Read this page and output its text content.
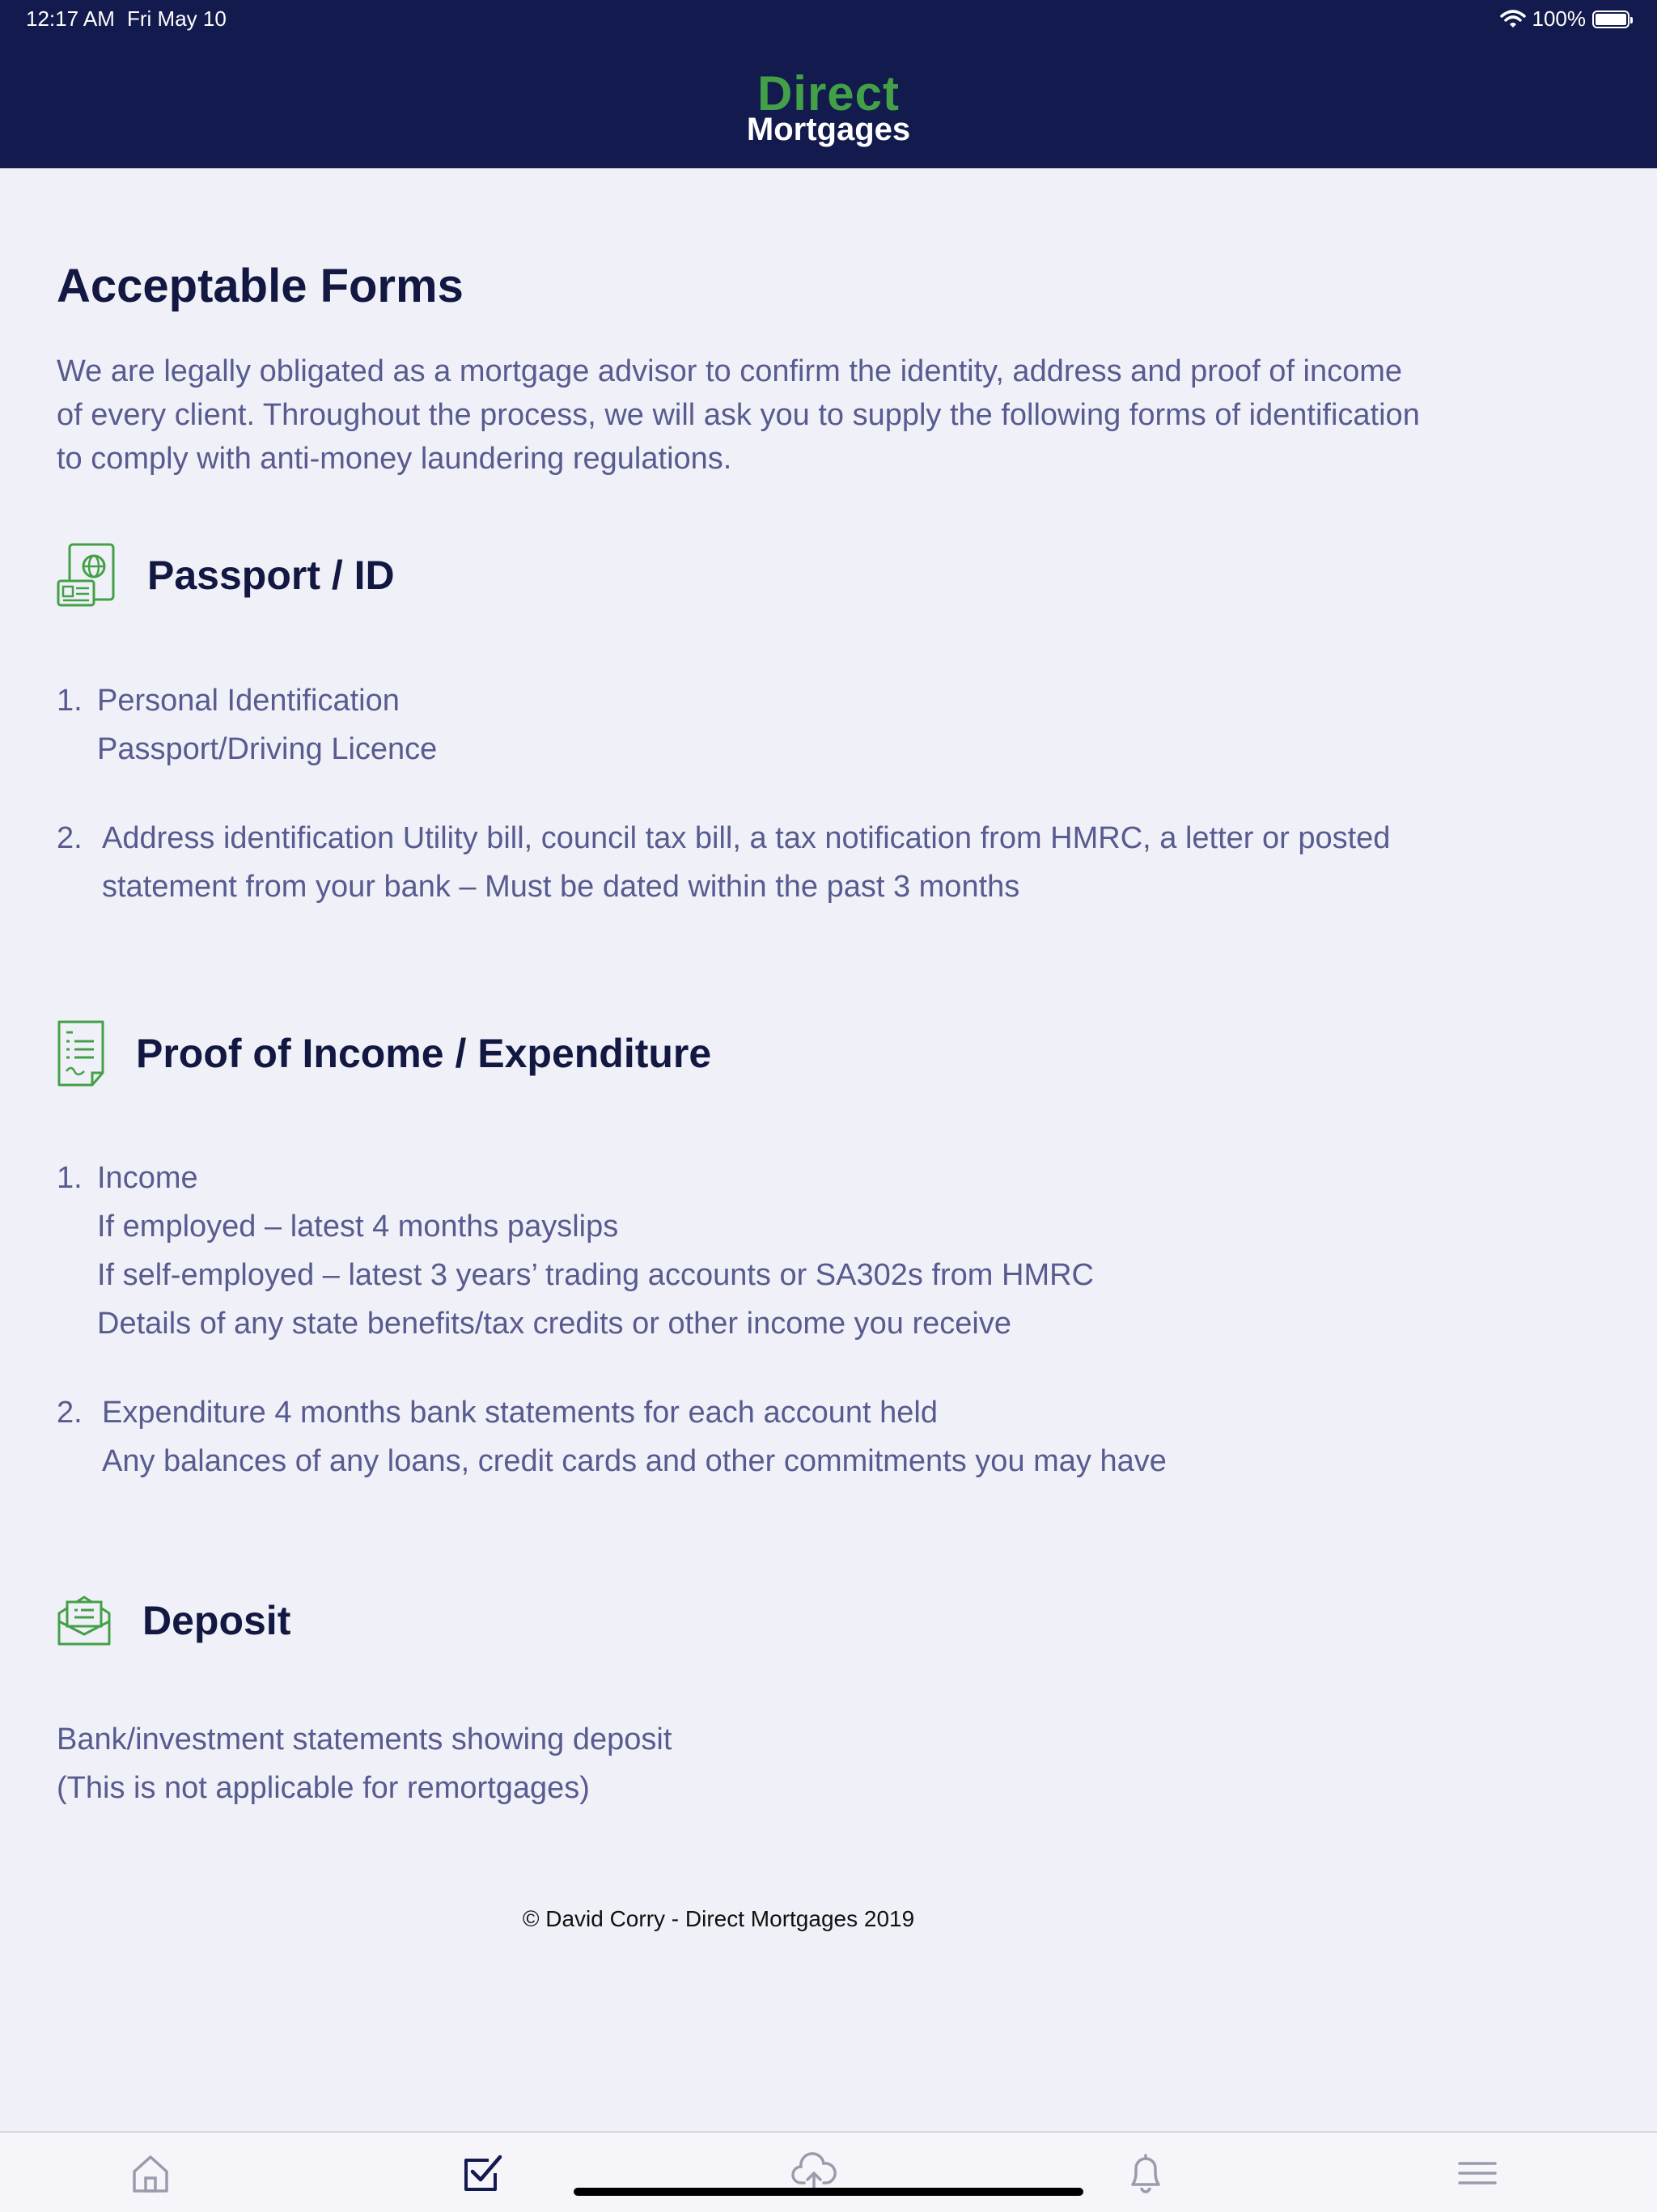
12:17 AM Fri May 10	100%
Direct
Mortgages
Acceptable Forms
We are legally obligated as a mortgage advisor to confirm the identity, address and proof of income of every client. Throughout the process, we will ask you to supply the following forms of identification to comply with anti-money laundering regulations.
Passport / ID
1. Personal Identification
Passport/Driving Licence
2. Address identification Utility bill, council tax bill, a tax notification from HMRC, a letter or posted
statement from your bank – Must be dated within the past 3 months
Proof of Income / Expenditure
1. Income
If employed – latest 4 months payslips
If self-employed – latest 3 years’ trading accounts or SA302s from HMRC
Details of any state benefits/tax credits or other income you receive
2. Expenditure 4 months bank statements for each account held
Any balances of any loans, credit cards and other commitments you may have
Deposit
Bank/investment statements showing deposit
(This is not applicable for remortgages)
© David Corry - Direct Mortgages 2019
